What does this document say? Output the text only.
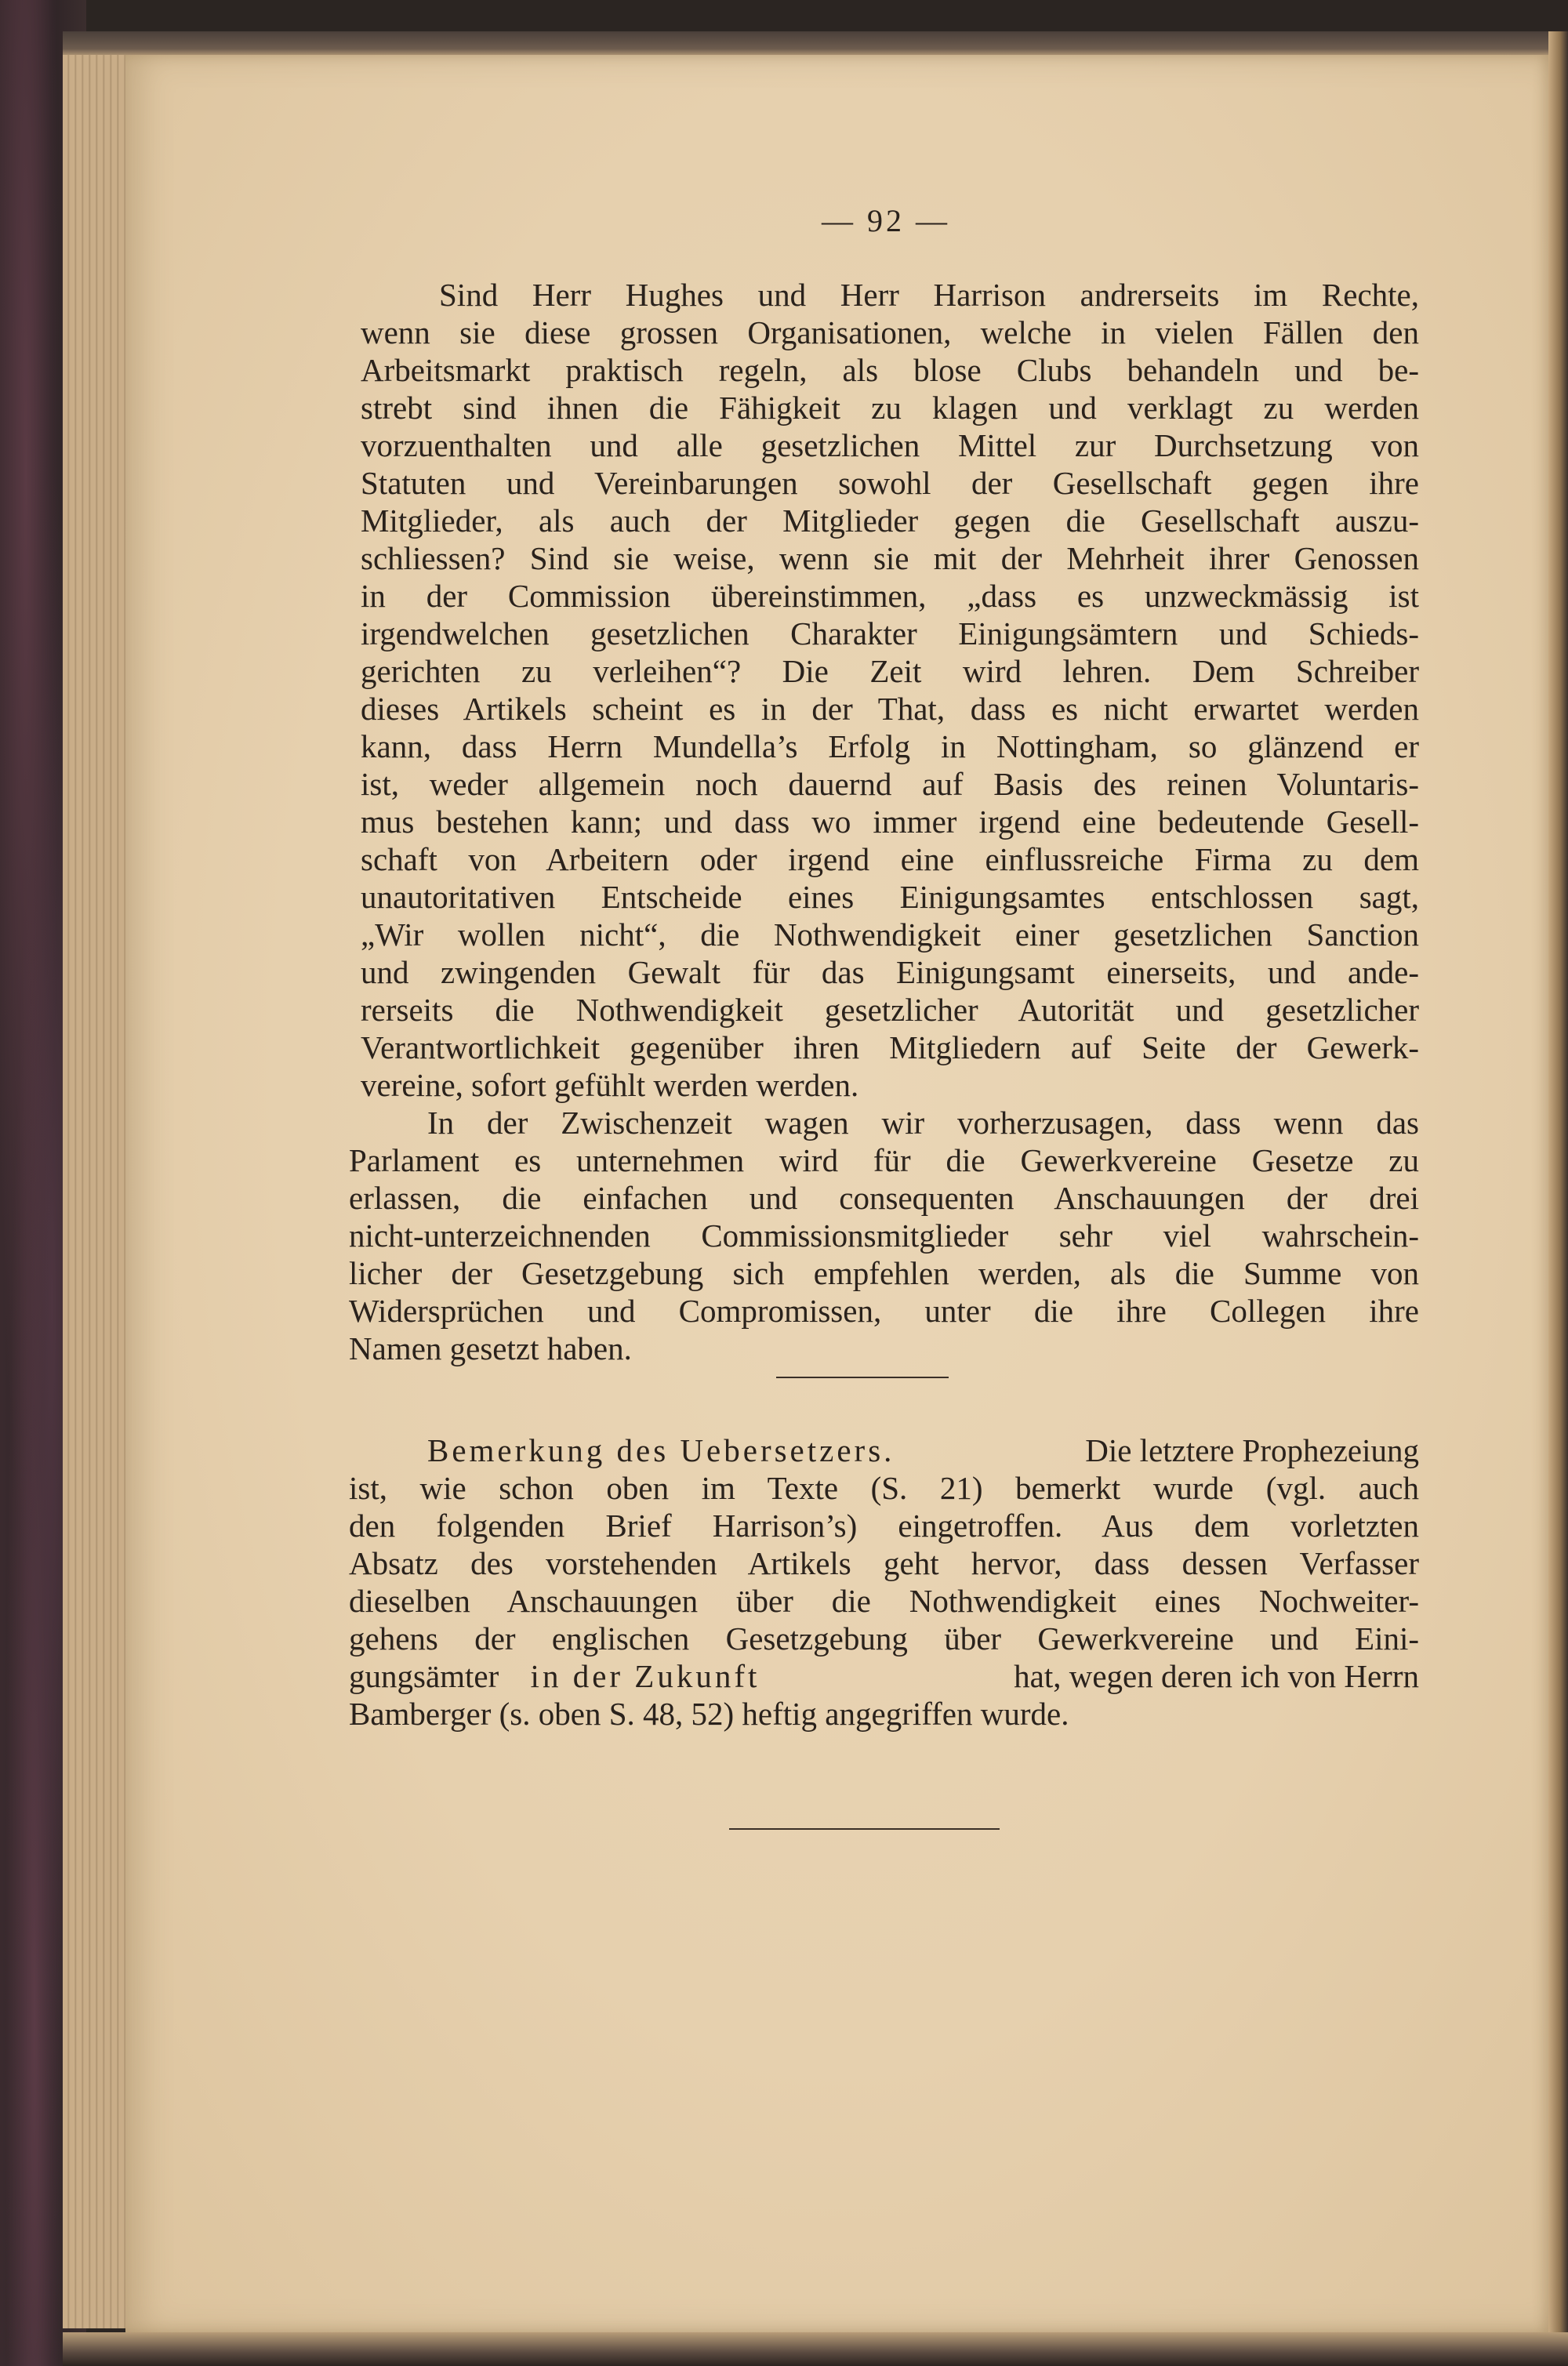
— 92 —
Sind Herr Hughes und Herr Harrison andrerseits im Rechte,
wenn sie diese grossen Organisationen, welche in vielen Fällen den
Arbeitsmarkt praktisch regeln, als blose Clubs behandeln und be-
strebt sind ihnen die Fähigkeit zu klagen und verklagt zu werden
vorzuenthalten und alle gesetzlichen Mittel zur Durchsetzung von
Statuten und Vereinbarungen sowohl der Gesellschaft gegen ihre
Mitglieder, als auch der Mitglieder gegen die Gesellschaft auszu-
schliessen? Sind sie weise, wenn sie mit der Mehrheit ihrer Genossen
in der Commission übereinstimmen, „dass es unzweckmässig ist
irgendwelchen gesetzlichen Charakter Einigungsämtern und Schieds-
gerichten zu verleihen“? Die Zeit wird lehren. Dem Schreiber
dieses Artikels scheint es in der That, dass es nicht erwartet werden
kann, dass Herrn Mundella’s Erfolg in Nottingham, so glänzend er
ist, weder allgemein noch dauernd auf Basis des reinen Voluntaris-
mus bestehen kann; und dass wo immer irgend eine bedeutende Gesell-
schaft von Arbeitern oder irgend eine einflussreiche Firma zu dem
unautoritativen Entscheide eines Einigungsamtes entschlossen sagt,
„Wir wollen nicht“, die Nothwendigkeit einer gesetzlichen Sanction
und zwingenden Gewalt für das Einigungsamt einerseits, und ande-
rerseits die Nothwendigkeit gesetzlicher Autorität und gesetzlicher
Verantwortlichkeit gegenüber ihren Mitgliedern auf Seite der Gewerk-
vereine, sofort gefühlt werden werden.
In der Zwischenzeit wagen wir vorherzusagen, dass wenn das
Parlament es unternehmen wird für die Gewerkvereine Gesetze zu
erlassen, die einfachen und consequenten Anschauungen der drei
nicht-unterzeichnenden Commissionsmitglieder sehr viel wahrschein-
licher der Gesetzgebung sich empfehlen werden, als die Summe von
Widersprüchen und Compromissen, unter die ihre Collegen ihre
Namen gesetzt haben.
Bemerkung des Uebersetzers.	Die letztere Prophezeiung
ist, wie schon oben im Texte (S. 21) bemerkt wurde (vgl. auch
den folgenden Brief Harrison’s) eingetroffen. Aus dem vorletzten
Absatz des vorstehenden Artikels geht hervor, dass dessen Verfasser
dieselben Anschauungen über die Nothwendigkeit eines Nochweiter-
gehens der englischen Gesetzgebung über Gewerkvereine und Eini-
gungsämter in der Zukunft	hat, wegen deren ich von Herrn
Bamberger (s. oben S. 48, 52) heftig angegriffen wurde.
